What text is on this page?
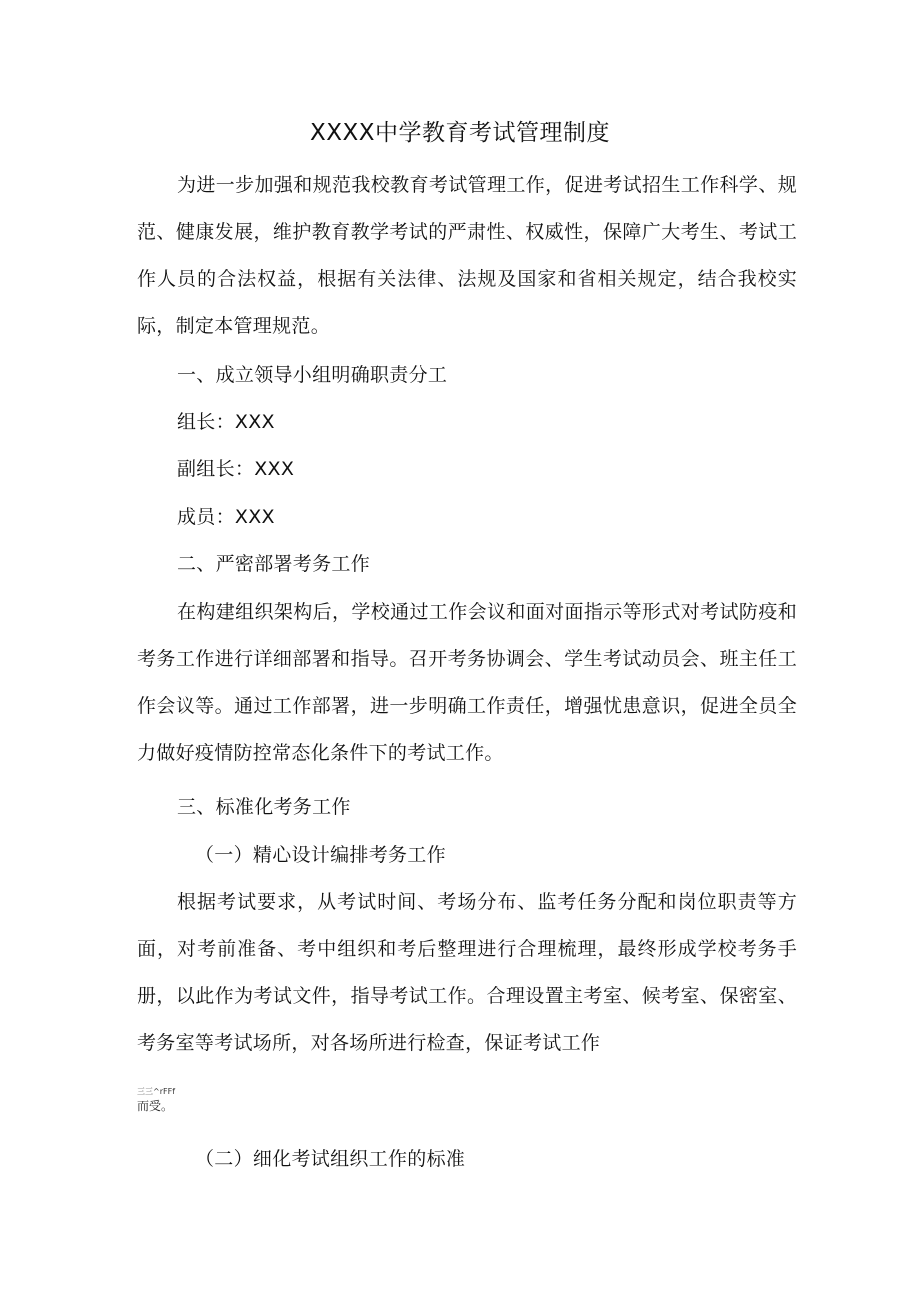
XXXX中学教育考试管理制度

为进一步加强和规范我校教育考试管理工作，促进考试招生工作科学、规范、健康发展，维护教育教学考试的严肃性、权威性，保障广大考生、考试工作人员的合法权益，根据有关法律、法规及国家和省相关规定，结合我校实际，制定本管理规范。

一、成立领导小组明确职责分工

组长：XXX

副组长：XXX

成员：XXX

二、严密部署考务工作

在构建组织架构后，学校通过工作会议和面对面指示等形式对考试防疫和考务工作进行详细部署和指导。召开考务协调会、学生考试动员会、班主任工作会议等。通过工作部署，进一步明确工作责任，增强忧患意识，促进全员全力做好疫情防控常态化条件下的考试工作。

三、标准化考务工作

（一）精心设计编排考务工作

根据考试要求，从考试时间、考场分布、监考任务分配和岗位职责等方面，对考前准备、考中组织和考后整理进行合理梳理，最终形成学校考务手册，以此作为考试文件，指导考试工作。合理设置主考室、候考室、保密室、考务室等考试场所，对各场所进行检查，保证考试工作

三三^rFFf
而受。

（二）细化考试组织工作的标准
